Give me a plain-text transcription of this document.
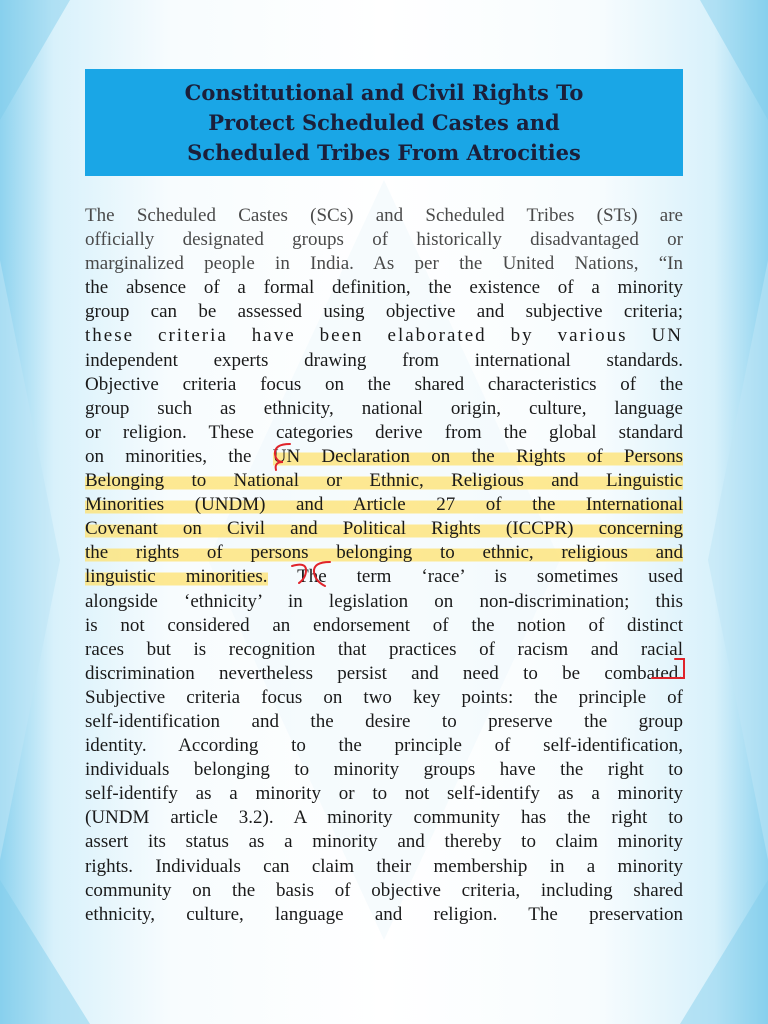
Constitutional and Civil Rights To
Protect Scheduled Castes and
Scheduled Tribes From Atrocities
The Scheduled Castes (SCs) and Scheduled Tribes (STs) are
officially designated groups of historically disadvantaged or
marginalized people in India. As per the United Nations, “In
the absence of a formal definition, the existence of a minority
group can be assessed using objective and subjective criteria;
these criteria have been elaborated by various UN
independent experts drawing from international standards.
Objective criteria focus on the shared characteristics of the
group such as ethnicity, national origin, culture, language
or religion. These categories derive from the global standard
on minorities, the UN Declaration on the Rights of Persons
Belonging to National or Ethnic, Religious and Linguistic
Minorities (UNDM) and Article 27 of the International
Covenant on Civil and Political Rights (ICCPR) concerning
the rights of persons belonging to ethnic, religious and
linguistic minorities. The term ‘race’ is sometimes used
alongside ‘ethnicity’ in legislation on non-discrimination; this
is not considered an endorsement of the notion of distinct
races but is recognition that practices of racism and racial
discrimination nevertheless persist and need to be combated.
Subjective criteria focus on two key points: the principle of
self-identification and the desire to preserve the group
identity. According to the principle of self-identification,
individuals belonging to minority groups have the right to
self-identify as a minority or to not self-identify as a minority
(UNDM article 3.2). A minority community has the right to
assert its status as a minority and thereby to claim minority
rights. Individuals can claim their membership in a minority
community on the basis of objective criteria, including shared
ethnicity, culture, language and religion. The preservation
